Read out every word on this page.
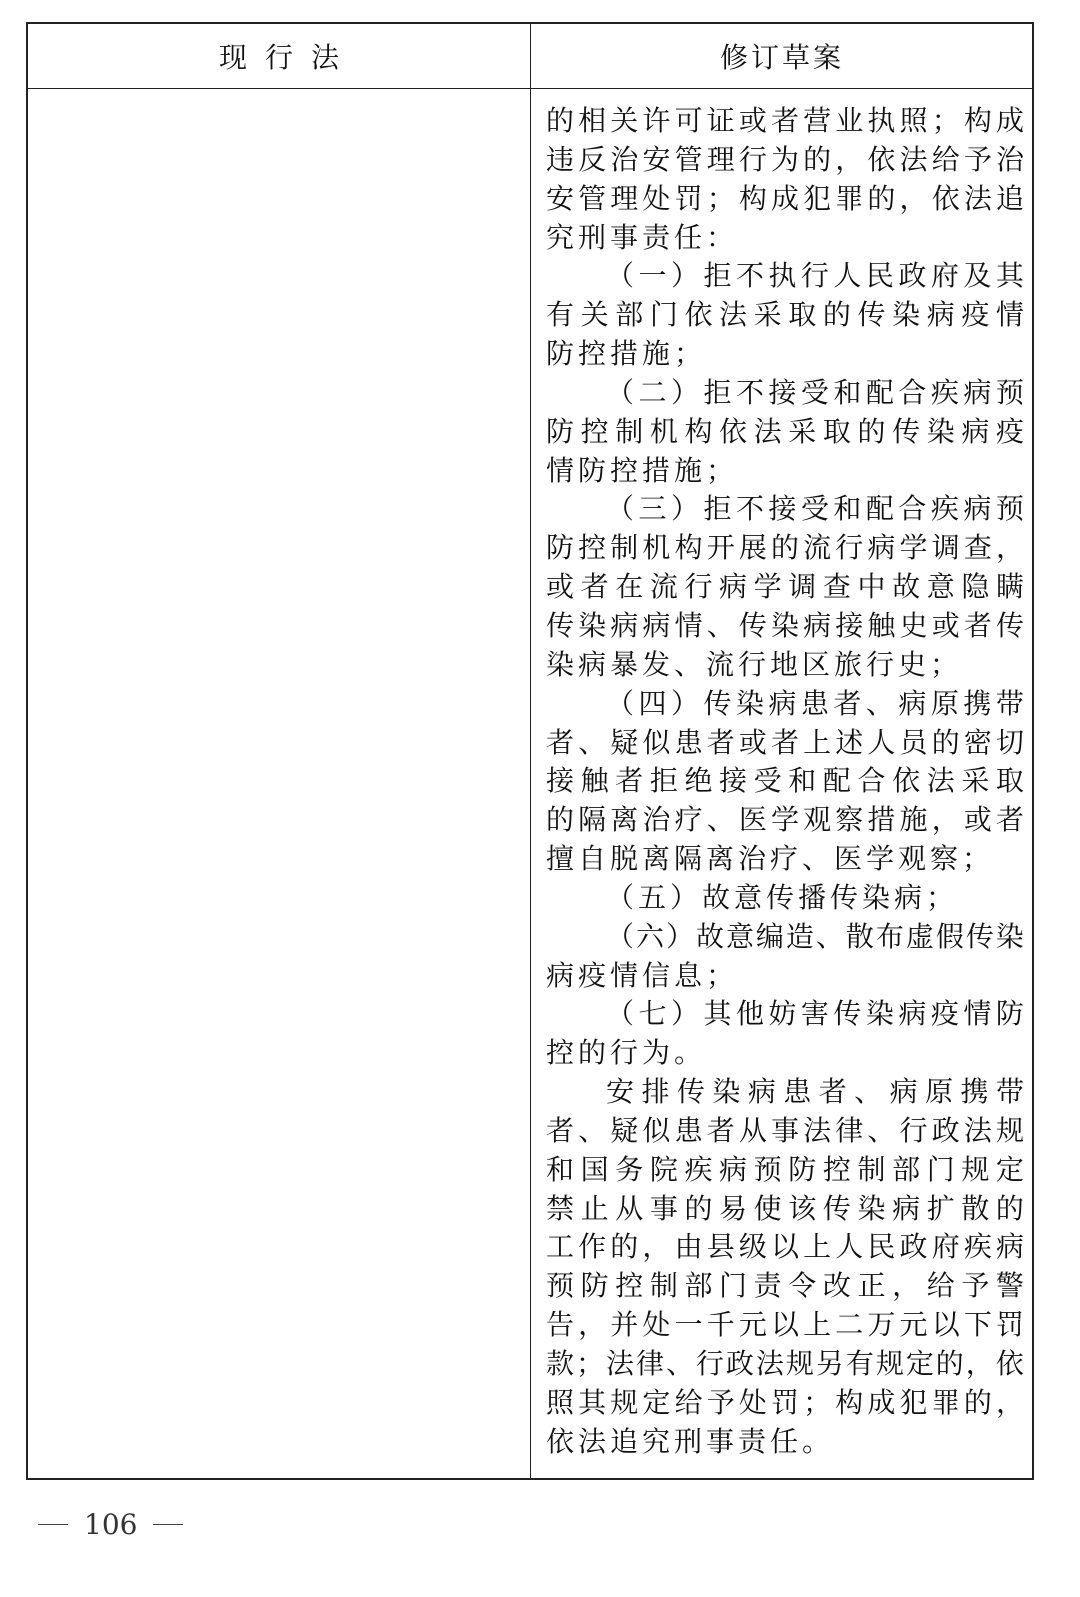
现行法	修订草案
的 相 关 许 可 证 或 者 营 业 执 照 ； 构 成
违 反 治 安 管 理 行 为 的 ， 依 法 给 予 治
安 管 理 处 罚 ； 构 成 犯 罪 的 ， 依 法 追
究刑事责任：
（ 一 ） 拒 不 执 行 人 民 政 府 及 其
有 关 部 门 依 法 采 取 的 传 染 病 疫 情
防控措施；
（ 二 ） 拒 不 接 受 和 配 合 疾 病 预
防 控 制 机 构 依 法 采 取 的 传 染 病 疫
情防控措施；
（ 三 ） 拒 不 接 受 和 配 合 疾 病 预
防 控 制 机 构 开 展 的 流 行 病 学 调 查 ，
或 者 在 流 行 病 学 调 查 中 故 意 隐 瞒
传 染 病 病 情 、 传 染 病 接 触 史 或 者 传
染病暴发、流行地区旅行史；
（ 四 ） 传 染 病 患 者 、 病 原 携 带
者 、 疑 似 患 者 或 者 上 述 人 员 的 密 切
接 触 者 拒 绝 接 受 和 配 合 依 法 采 取
的 隔 离 治 疗 、 医 学 观 察 措 施 ， 或 者
擅自脱离隔离治疗、医学观察；
（五）故意传播传染病；
（ 六 ） 故 意 编 造 、 散 布 虚 假 传 染
病疫情信息；
（ 七 ） 其 他 妨 害 传 染 病 疫 情 防
控的行为。
安 排 传 染 病 患 者 、 病 原 携 带
者 、 疑 似 患 者 从 事 法 律 、 行 政 法 规
和 国 务 院 疾 病 预 防 控 制 部 门 规 定
禁 止 从 事 的 易 使 该 传 染 病 扩 散 的
工 作 的 ， 由 县 级 以 上 人 民 政 府 疾 病
预 防 控 制 部 门 责 令 改 正 ， 给 予 警
告 ， 并 处 一 千 元 以 上 二 万 元 以 下 罚
款 ； 法 律 、 行 政 法 规 另 有 规 定 的 ， 依
照 其 规 定 给 予 处 罚 ； 构 成 犯 罪 的 ，
依法追究刑事责任。
106
